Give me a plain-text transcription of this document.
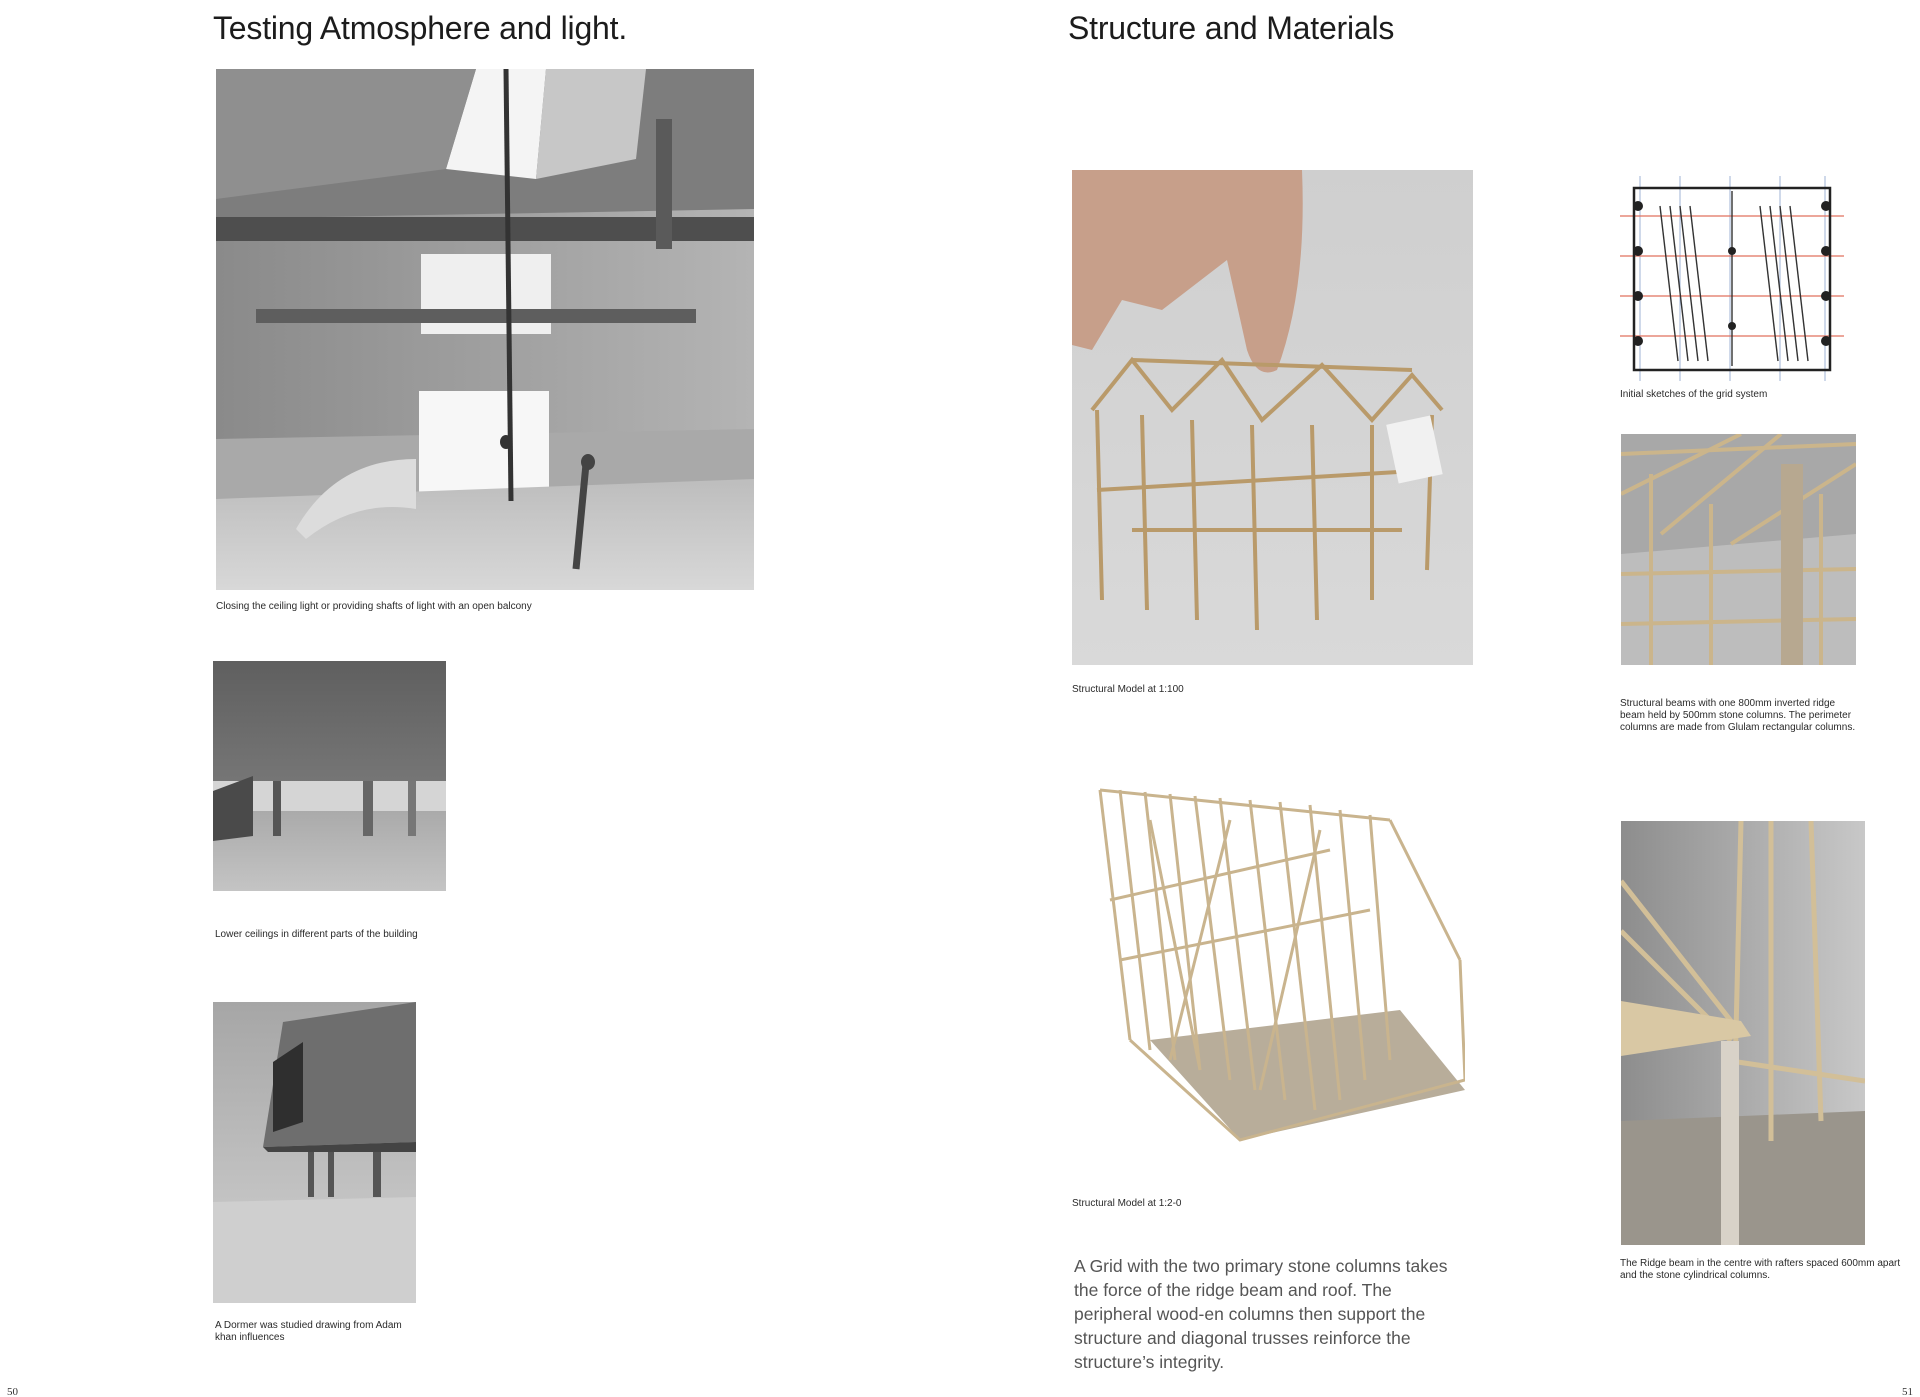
Testing Atmosphere and light.
Closing the ceiling light or providing shafts of light with an open balcony
Lower ceilings in different parts of the building
A Dormer was studied drawing from Adam khan influences
50
Structure and Materials
Structural Model at 1:100
Structural Model at 1:2-0
A Grid with the two primary stone columns takes the force of the ridge beam and roof. The peripheral wood-en columns then support the structure and diagonal trusses reinforce the structure’s integrity.
Initial sketches of the grid system
Structural beams with one 800mm inverted ridge beam held by 500mm stone columns. The perimeter columns are made from Glulam rectangular columns.
The Ridge beam in the centre with rafters spaced 600mm apart and the stone cylindrical columns.
51
